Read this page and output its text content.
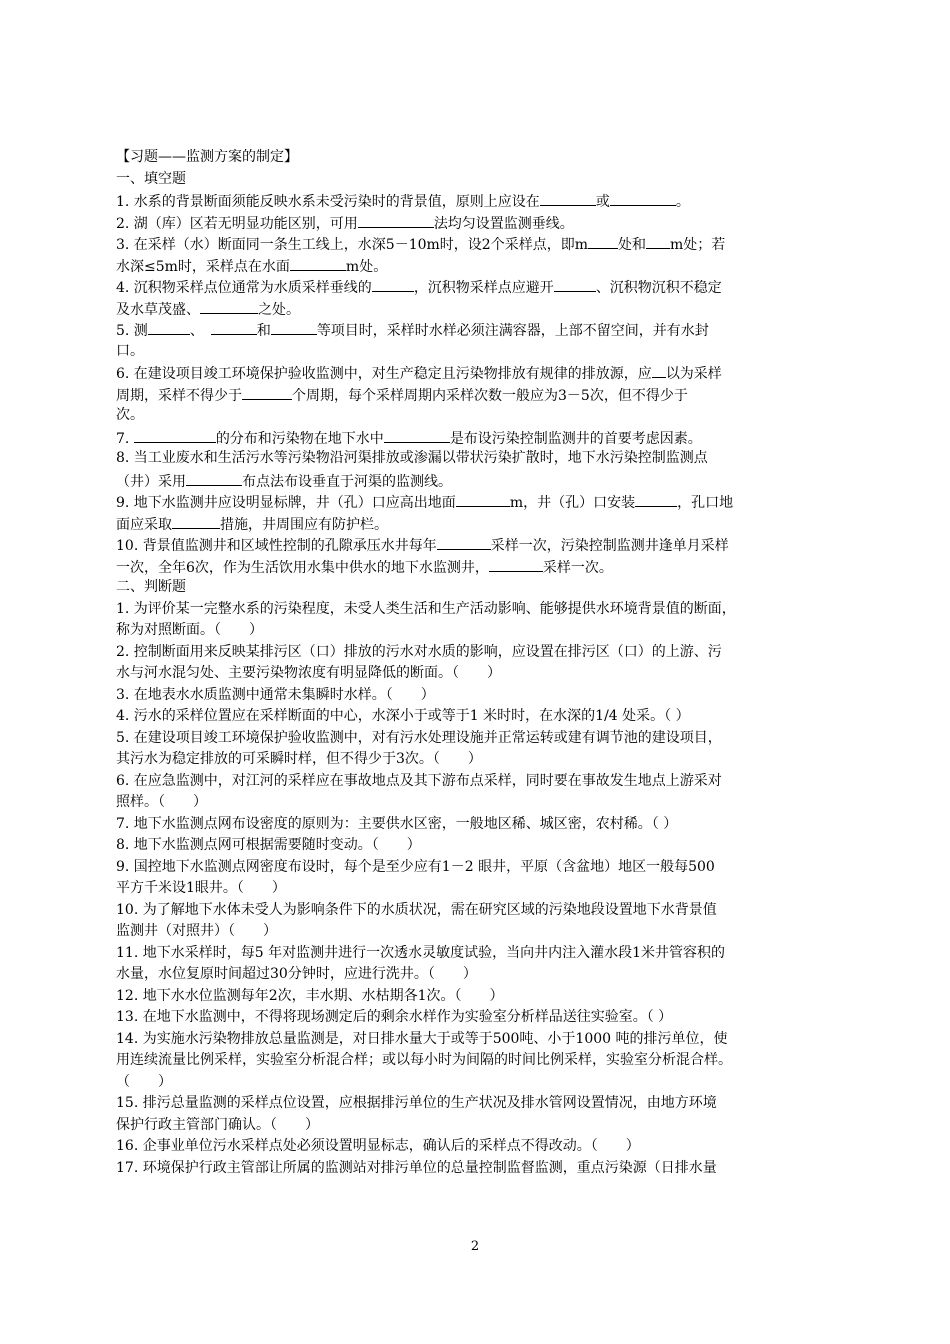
【习题——监测方案的制定】
一、填空题
1. 水系的背景断面须能反映水系未受污染时的背景值，原则上应设在	或	。
2. 湖（库）区若无明显功能区别，可用	法均匀设置监测垂线。
3. 在采样（水）断面同一条生工线上，水深5－10m时，设2个采样点，即m 处和 m处；若
水深≤5m时，采样点在水面	m处。
4. 沉积物采样点位通常为水质采样垂线的	，沉积物采样点应避开	、沉积物沉积不稳定
及水草茂盛、	之处。
5. 测	、　	和	等项目时，采样时水样必须注满容器，上部不留空间，并有水封
口。
6. 在建设项目竣工环境保护验收监测中，对生产稳定且污染物排放有规律的排放源，应 以为采样
周期，采样不得少于	个周期，每个采样周期内采样次数一般应为3－5次，但不得少于
次。
7.	的分布和污染物在地下水中	是布设污染控制监测井的首要考虑因素。
8. 当工业废水和生活污水等污染物沿河渠排放或渗漏以带状污染扩散时，地下水污染控制监测点
（井）采用	布点法布设垂直于河渠的监测线。
9. 地下水监测井应设明显标牌，井（孔）口应高出地面	m，井（孔）口安装	，孔口地
面应采取	措施，井周围应有防护栏。
10. 背景值监测井和区域性控制的孔隙承压水井每年	采样一次，污染控制监测井逢单月采样
一次，全年6次，作为生活饮用水集中供水的地下水监测井，	采样一次。
二、判断题
1. 为评价某一完整水系的污染程度，未受人类生活和生产活动影响、能够提供水环境背景值的断面，
称为对照断面。（　　）
2. 控制断面用来反映某排污区（口）排放的污水对水质的影响，应设置在排污区（口）的上游、污
水与河水混匀处、主要污染物浓度有明显降低的断面。（　　）
3. 在地表水水质监测中通常未集瞬时水样。（　　）
4. 污水的采样位置应在采样断面的中心，水深小于或等于1 米时时，在水深的1/4 处采。（ ）
5. 在建设项目竣工环境保护验收监测中，对有污水处理设施并正常运转或建有调节池的建设项目，
其污水为稳定排放的可采瞬时样，但不得少于3次。（　　）
6. 在应急监测中，对江河的采样应在事故地点及其下游布点采样，同时要在事故发生地点上游采对
照样。（　　）
7. 地下水监测点网布设密度的原则为：主要供水区密，一般地区稀、城区密，农村稀。（ ）
8. 地下水监测点网可根据需要随时变动。（　　）
9. 国控地下水监测点网密度布设时，每个是至少应有1－2 眼井，平原（含盆地）地区一般每500
平方千米设1眼井。（　　）
10. 为了解地下水体未受人为影响条件下的水质状况，需在研究区域的污染地段设置地下水背景值
监测井（对照井）（　　）
11. 地下水采样时，每5 年对监测井进行一次透水灵敏度试验，当向井内注入灌水段1米井管容积的
水量，水位复原时间超过30分钟时，应进行洗井。（　　）
12. 地下水水位监测每年2次，丰水期、水枯期各1次。（　　）
13. 在地下水监测中，不得将现场测定后的剩余水样作为实验室分析样品送往实验室。（ ）
14. 为实施水污染物排放总量监测是，对日排水量大于或等于500吨、小于1000 吨的排污单位，使
用连续流量比例采样，实验室分析混合样；或以每小时为间隔的时间比例采样，实验室分析混合样。
（　　）
15. 排污总量监测的采样点位设置，应根据排污单位的生产状况及排水管网设置情况，由地方环境
保护行政主管部门确认。（　　）
16. 企事业单位污水采样点处必须设置明显标志，确认后的采样点不得改动。（　　）
17. 环境保护行政主管部让所属的监测站对排污单位的总量控制监督监测，重点污染源（日排水量
2
